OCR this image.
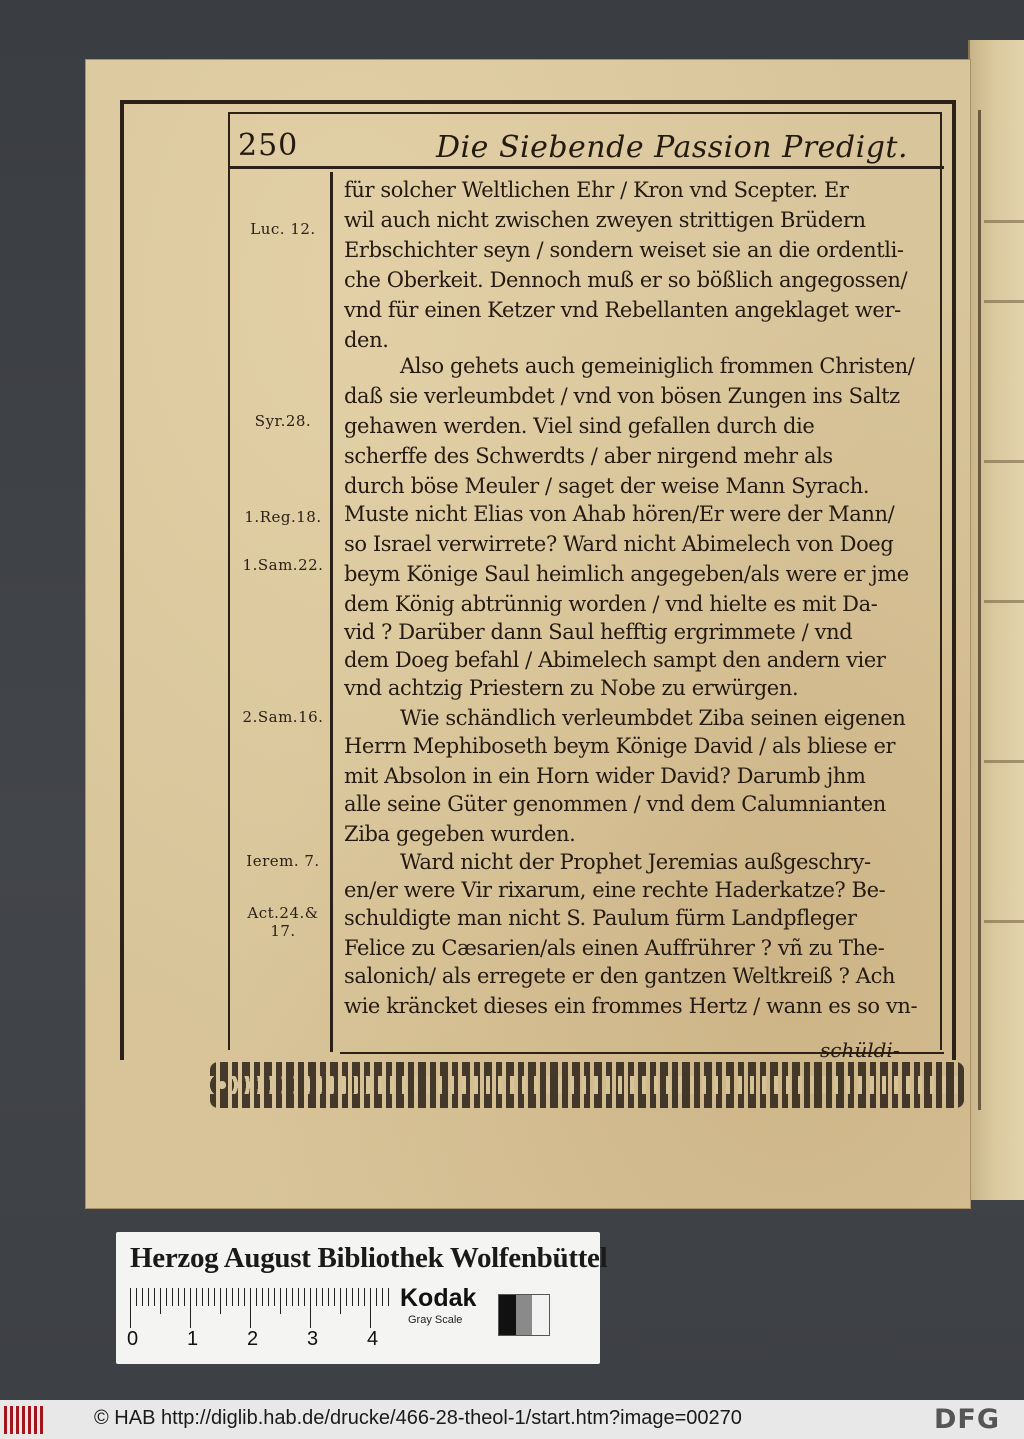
250	Die Siebende Passion Predigt.
Luc. 12.
Syr.28.
1.Reg.18.
1.Sam.22.
2.Sam.16.
Ierem. 7.
Act.24.& 17.
für solcher Weltlichen Ehr / Kron vnd Scepter. Er
wil auch nicht zwischen zweyen strittigen Brüdern
Erbschichter seyn / sondern weiset sie an die ordentli-
che Oberkeit. Dennoch muß er so bößlich angegossen/
vnd für einen Ketzer vnd Rebellanten angeklaget wer-
den.
Also gehets auch gemeiniglich frommen Christen/
daß sie verleumbdet / vnd von bösen Zungen ins Saltz
gehawen werden. Viel sind gefallen durch die
scherffe des Schwerdts / aber nirgend mehr als
durch böse Meuler / saget der weise Mann Syrach.
Muste nicht Elias von Ahab hören/Er were der Mann/
so Israel verwirrete? Ward nicht Abimelech von Doeg
beym Könige Saul heimlich angegeben/als were er jme
dem König abtrünnig worden / vnd hielte es mit Da-
vid ? Darüber dann Saul hefftig ergrimmete / vnd
dem Doeg befahl / Abimelech sampt den andern vier
vnd achtzig Priestern zu Nobe zu erwürgen.
Wie schändlich verleumbdet Ziba seinen eigenen
Herrn Mephiboseth beym Könige David / als bliese er
mit Absolon in ein Horn wider David? Darumb jhm
alle seine Güter genommen / vnd dem Calumnianten
Ziba gegeben wurden.
Ward nicht der Prophet Jeremias außgeschry-
en/er were Vir rixarum, eine rechte Haderkatze? Be-
schuldigte man nicht S. Paulum fürm Landpfleger
Felice zu Cæsarien/als einen Auffrührer ? vñ zu The-
salonich/ als erregete er den gantzen Weltkreiß ? Ach
wie kräncket dieses ein frommes Hertz / wann es so vn-
schüldi-
Herzog August Bibliothek Wolfenbüttel
0 1 2 3 4
Kodak
Gray Scale
© HAB http://diglib.hab.de/drucke/466-28-theol-1/start.htm?image=00270	DFG
